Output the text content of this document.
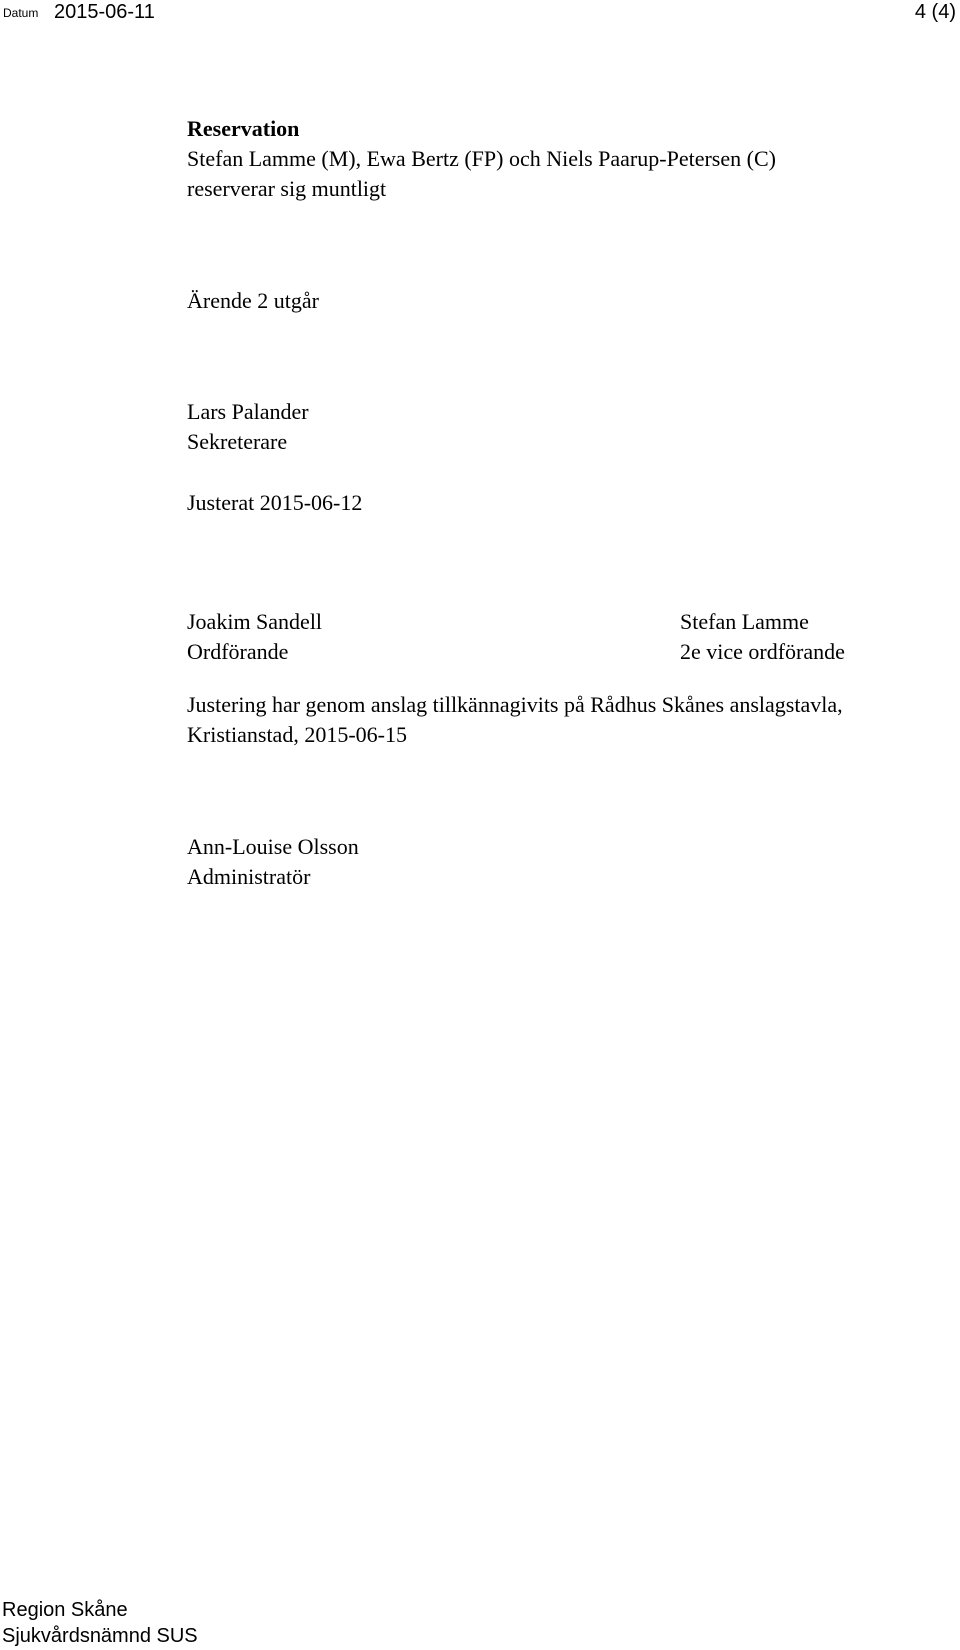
Datum 2015-06-11	4 (4)
Reservation
Stefan Lamme (M), Ewa Bertz (FP) och Niels Paarup-Petersen (C)
reserverar sig muntligt
Ärende 2 utgår
Lars Palander
Sekreterare
Justerat 2015-06-12
Joakim Sandell
Ordförande
Stefan Lamme
2e vice ordförande
Justering har genom anslag tillkännagivits på Rådhus Skånes anslagstavla,
Kristianstad, 2015-06-15
Ann-Louise Olsson
Administratör
Region Skåne
Sjukvårdsnämnd SUS
